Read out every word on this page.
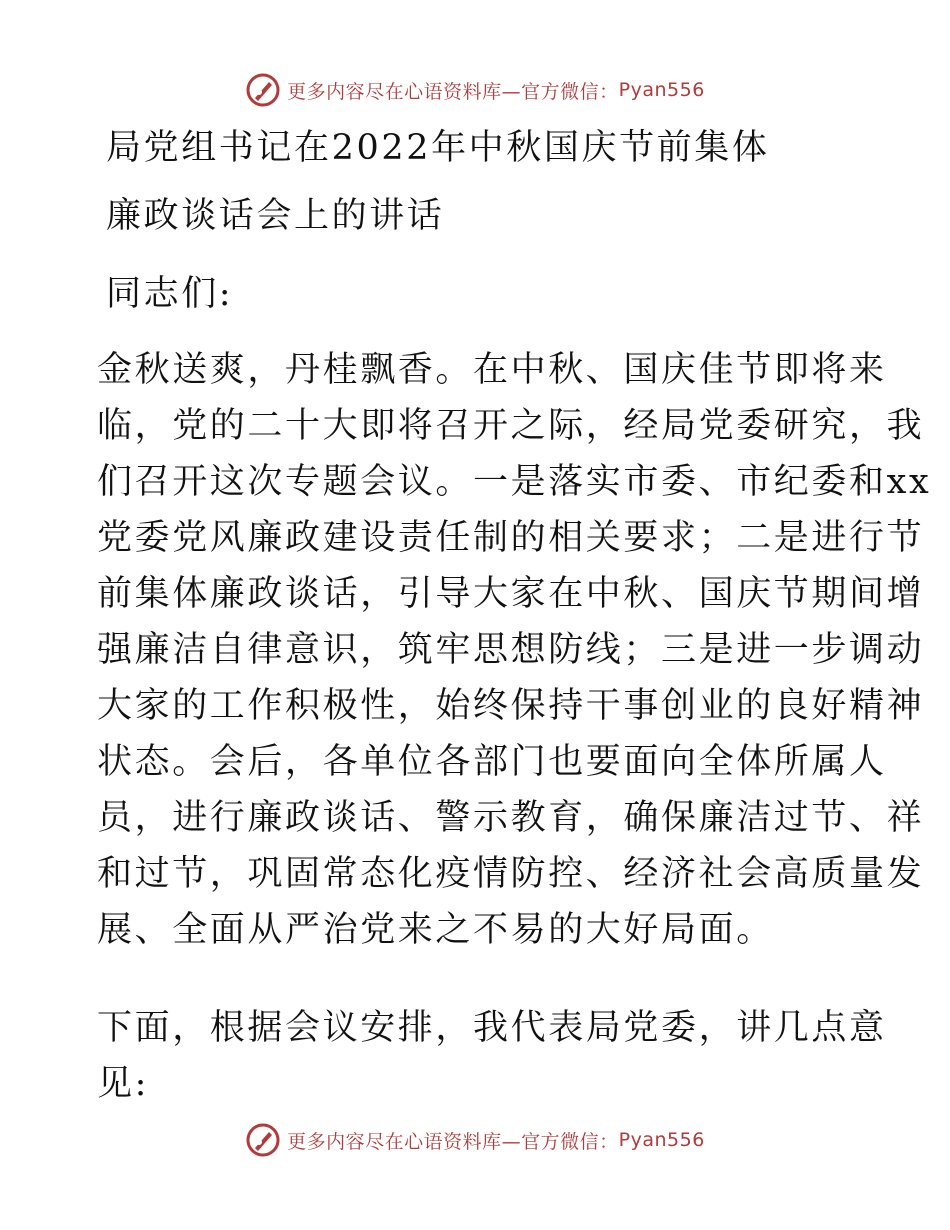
更多内容尽在心语资料库—官方微信： Pyan556
局党组书记在2022年中秋国庆节前集体
廉政谈话会上的讲话
同志们:
金秋送爽，丹桂飘香。在中秋、国庆佳节即将来
临，党的二十大即将召开之际，经局党委研究，我
们召开这次专题会议。一是落实市委、市纪委和xx
党委党风廉政建设责任制的相关要求；二是进行节
前集体廉政谈话，引导大家在中秋、国庆节期间增
强廉洁自律意识，筑牢思想防线；三是进一步调动
大家的工作积极性，始终保持干事创业的良好精神
状态。会后，各单位各部门也要面向全体所属人
员，进行廉政谈话、警示教育，确保廉洁过节、祥
和过节，巩固常态化疫情防控、经济社会高质量发
展、全面从严治党来之不易的大好局面。
下面，根据会议安排，我代表局党委，讲几点意
见:
更多内容尽在心语资料库—官方微信： Pyan556
